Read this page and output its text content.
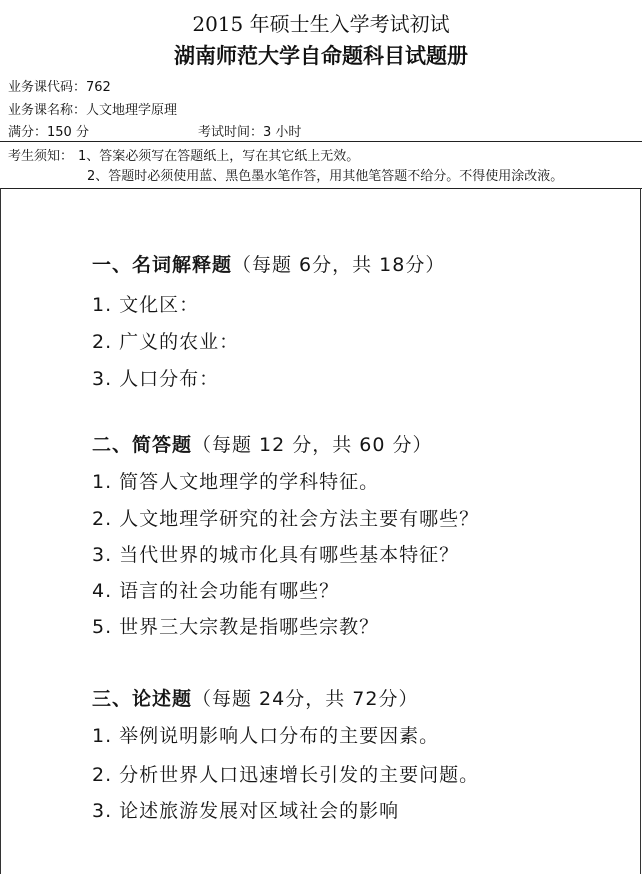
2015 年硕士生入学考试初试
湖南师范大学自命题科目试题册
业务课代码：762
业务课名称：人文地理学原理
满分：150 分	考试时间：3 小时
考生须知： 1、答案必须写在答题纸上，写在其它纸上无效。
2、答题时必须使用蓝、黑色墨水笔作答，用其他笔答题不给分。不得使用涂改液。
一、名词解释题（每题 6分，共 18分）
1. 文化区：
2. 广义的农业：
3. 人口分布：
二、简答题（每题 12 分，共 60 分）
1. 简答人文地理学的学科特征。
2. 人文地理学研究的社会方法主要有哪些？
3. 当代世界的城市化具有哪些基本特征？
4. 语言的社会功能有哪些？
5. 世界三大宗教是指哪些宗教？
三、论述题（每题 24分，共 72分）
1. 举例说明影响人口分布的主要因素。
2. 分析世界人口迅速增长引发的主要问题。
3. 论述旅游发展对区域社会的影响
